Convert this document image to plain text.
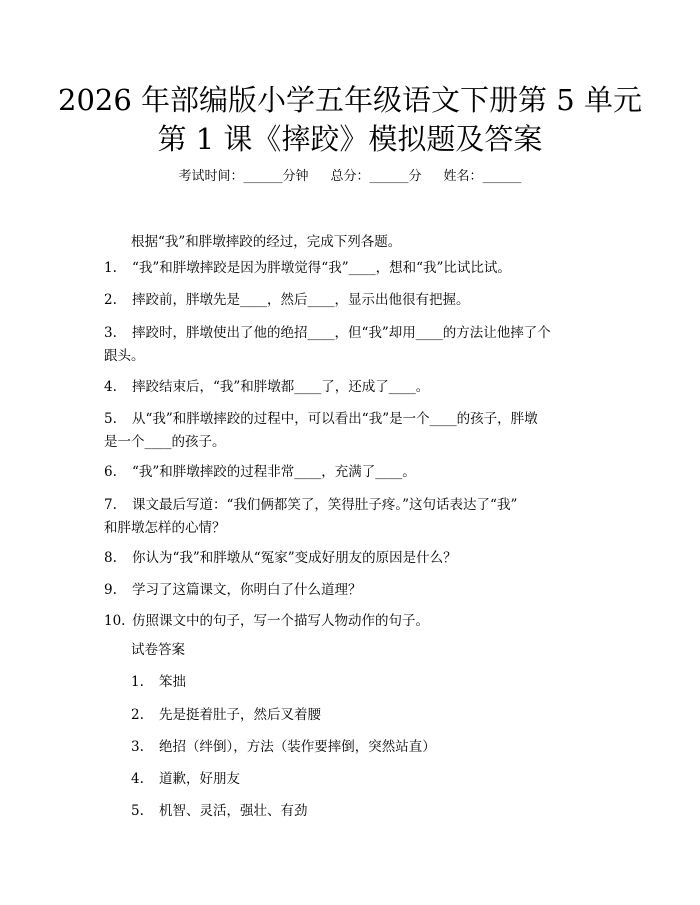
2026 年部编版小学五年级语文下册第 5 单元
第 1 课《摔跤》模拟题及答案
考试时间：______分钟 总分：______分 姓名：______
根据“我”和胖墩摔跤的经过，完成下列各题。
1. “我”和胖墩摔跤是因为胖墩觉得“我”____，想和“我”比试比试。
2. 摔跤前，胖墩先是____，然后____，显示出他很有把握。
3. 摔跤时，胖墩使出了他的绝招____，但“我”却用____的方法让他摔了个
跟头。
4. 摔跤结束后，“我”和胖墩都____了，还成了____。
5. 从“我”和胖墩摔跤的过程中，可以看出“我”是一个____的孩子，胖墩
是一个____的孩子。
6. “我”和胖墩摔跤的过程非常____，充满了____。
7. 课文最后写道：“我们俩都笑了，笑得肚子疼。”这句话表达了“我”
和胖墩怎样的心情？
8. 你认为“我”和胖墩从“冤家”变成好朋友的原因是什么？
9. 学习了这篇课文，你明白了什么道理？
10. 仿照课文中的句子，写一个描写人物动作的句子。
试卷答案
1. 笨拙
2. 先是挺着肚子，然后叉着腰
3. 绝招（绊倒），方法（装作要摔倒，突然站直）
4. 道歉，好朋友
5. 机智、灵活，强壮、有劲
